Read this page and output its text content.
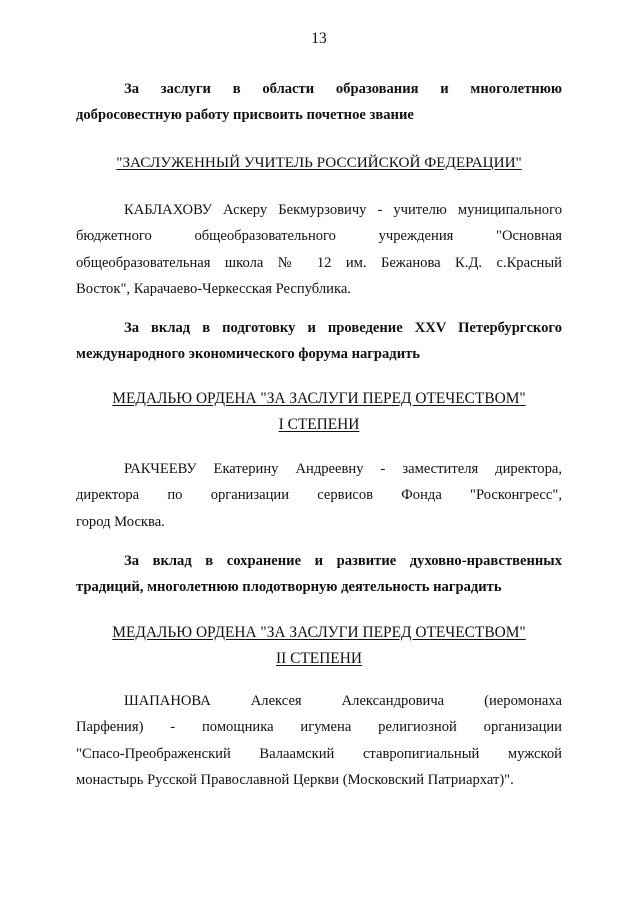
13
За заслуги в области образования и многолетнюю
добросовестную работу присвоить почетное звание
"ЗАСЛУЖЕННЫЙ УЧИТЕЛЬ РОССИЙСКОЙ ФЕДЕРАЦИИ"
КАБЛАХОВУ Аскеру Бекмурзовичу - учителю муниципального
бюджетного общеобразовательного учреждения "Основная
общеобразовательная школа № 12 им. Бежанова К.Д. с.Красный
Восток", Карачаево-Черкесская Республика.
За вклад в подготовку и проведение XXV Петербургского
международного экономического форума наградить
МЕДАЛЬЮ ОРДЕНА "ЗА ЗАСЛУГИ ПЕРЕД ОТЕЧЕСТВОМ"
I СТЕПЕНИ
РАКЧЕЕВУ Екатерину Андреевну - заместителя директора,
директора по организации сервисов Фонда "Росконгресс",
город Москва.
За вклад в сохранение и развитие духовно-нравственных
традиций, многолетнюю плодотворную деятельность наградить
МЕДАЛЬЮ ОРДЕНА "ЗА ЗАСЛУГИ ПЕРЕД ОТЕЧЕСТВОМ"
II СТЕПЕНИ
ШАПАНОВА Алексея Александровича (иеромонаха
Парфения) - помощника игумена религиозной организации
"Спасо-Преображенский Валаамский ставропигиальный мужской
монастырь Русской Православной Церкви (Московский Патриархат)".
